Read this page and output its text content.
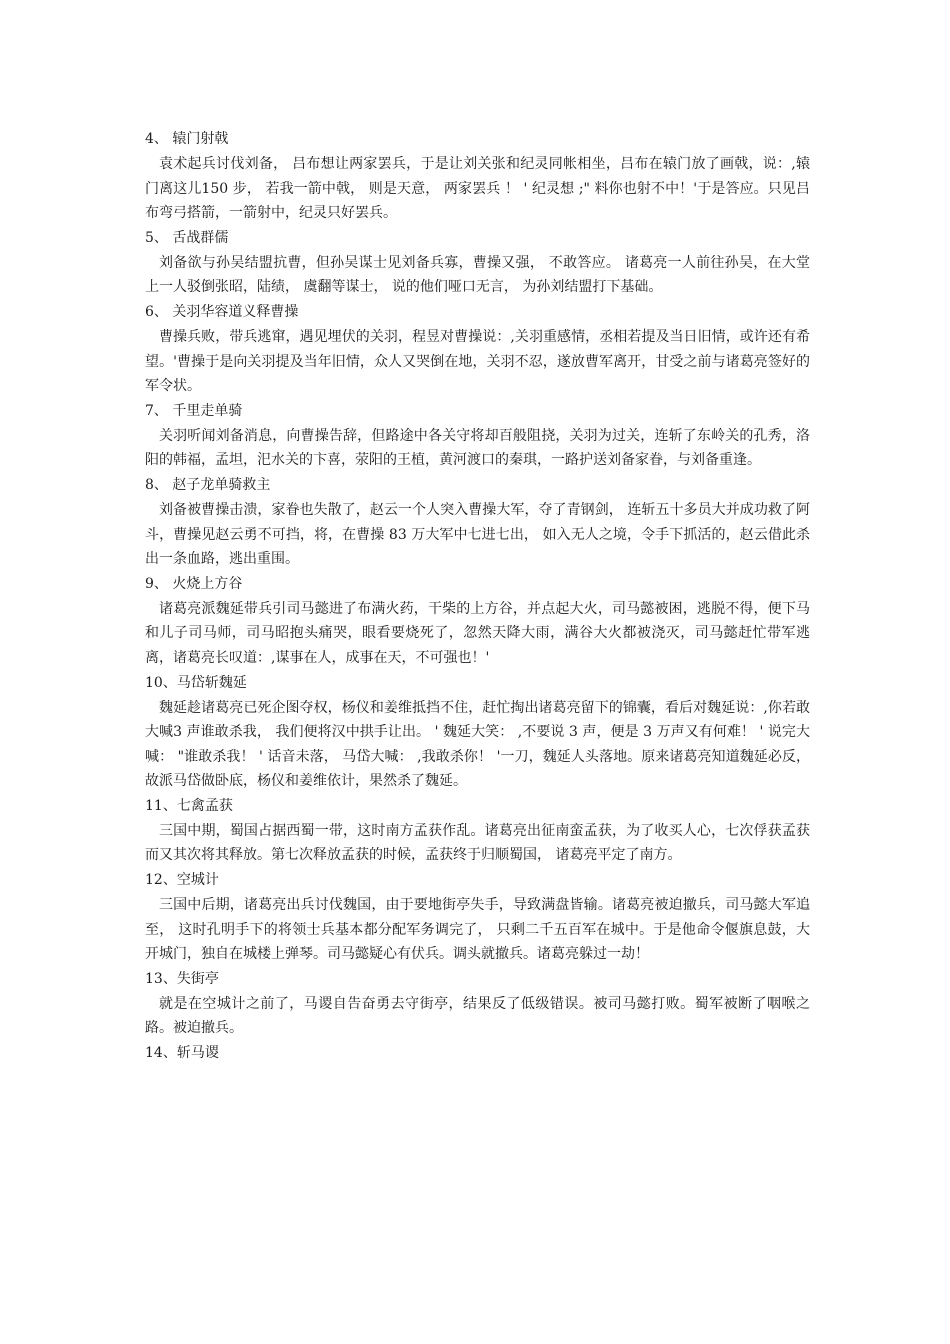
4、 辕门射戟

袁术起兵讨伐刘备， 吕布想让两家罢兵，于是让刘关张和纪灵同帐相坐，吕布在辕门放了画戟，说：,辕门离这儿150 步， 若我一箭中戟， 则是天意， 两家罢兵 ！ ' 纪灵想 ;" 料你也射不中！'于是答应。只见吕布弯弓搭箭，一箭射中，纪灵只好罢兵。

5、 舌战群儒

刘备欲与孙吴结盟抗曹，但孙吴谋士见刘备兵寡，曹操又强， 不敢答应。 诸葛亮一人前往孙吴，在大堂上一人驳倒张昭，陆绩， 虞翻等谋士， 说的他们哑口无言， 为孙刘结盟打下基础。

6、 关羽华容道义释曹操

曹操兵败，带兵逃窜，遇见埋伏的关羽，程昱对曹操说：,关羽重感情，丞相若提及当日旧情，或许还有希望。'曹操于是向关羽提及当年旧情，众人又哭倒在地，关羽不忍，遂放曹军离开，甘受之前与诸葛亮签好的军令状。

7、 千里走单骑

关羽听闻刘备消息，向曹操告辞，但路途中各关守将却百般阻挠，关羽为过关，连斩了东岭关的孔秀，洛阳的韩福，孟坦，汜水关的卞喜，荥阳的王植，黄河渡口的秦琪，一路护送刘备家眷，与刘备重逢。

8、 赵子龙单骑救主

刘备被曹操击溃，家眷也失散了，赵云一个人突入曹操大军，夺了青钢剑， 连斩五十多员大并成功救了阿斗，曹操见赵云勇不可挡，将，在曹操 83 万大军中七进七出， 如入无人之境，令手下抓活的，赵云借此杀出一条血路，逃出重围。

9、 火烧上方谷

诸葛亮派魏延带兵引司马懿进了布满火药，干柴的上方谷，并点起大火，司马懿被困，逃脱不得，便下马和儿子司马师，司马昭抱头痛哭，眼看要烧死了，忽然天降大雨，满谷大火都被浇灭，司马懿赶忙带军逃离，诸葛亮长叹道：,谋事在人，成事在天，不可强也！'

10、马岱斩魏延

魏延趁诸葛亮已死企图夺权，杨仪和姜维抵挡不住，赶忙掏出诸葛亮留下的锦囊，看后对魏延说：,你若敢大喊3 声谁敢杀我， 我们便将汉中拱手让出。 ' 魏延大笑： ,不要说 3 声，便是 3 万声又有何难！ ' 说完大喊： "谁敢杀我！ ' 话音未落， 马岱大喊： ,我敢杀你！ '一刀，魏延人头落地。原来诸葛亮知道魏延必反，故派马岱做卧底，杨仪和姜维依计，果然杀了魏延。

11、七禽孟获

三国中期，蜀国占据西蜀一带，这时南方孟获作乱。诸葛亮出征南蛮孟获，为了收买人心，七次俘获孟获而又其次将其释放。第七次释放孟获的时候，孟获终于归顺蜀国， 诸葛亮平定了南方。

12、空城计

三国中后期，诸葛亮出兵讨伐魏国，由于要地街亭失手，导致满盘皆输。诸葛亮被迫撤兵，司马懿大军追至， 这时孔明手下的将领士兵基本都分配军务调完了， 只剩二千五百军在城中。于是他命令偃旗息鼓，大开城门，独自在城楼上弹琴。司马懿疑心有伏兵。调头就撤兵。诸葛亮躲过一劫！

13、失街亭

就是在空城计之前了，马谡自告奋勇去守街亭，结果反了低级错误。被司马懿打败。蜀军被断了咽喉之路。被迫撤兵。

14、斩马谡
